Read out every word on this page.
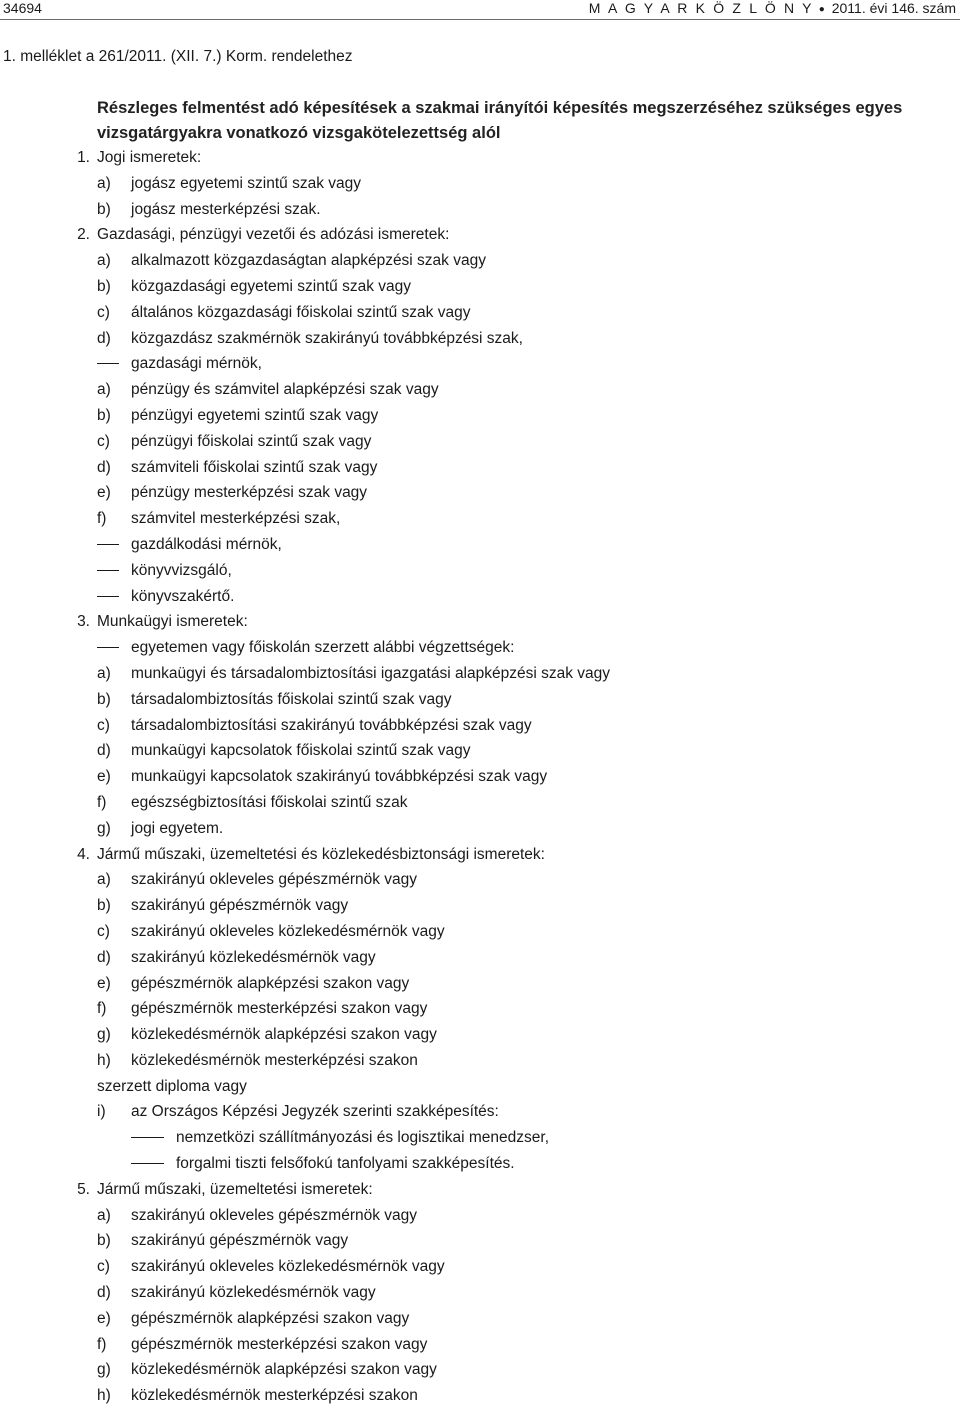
34694	M A G Y A R K Ö Z L Ö N Y ● 2011. évi 146. szám
1. melléklet a 261/2011. (XII. 7.) Korm. rendelethez
Részleges felmentést adó képesítések a szakmai irányítói képesítés megszerzéséhez szükséges egyes vizsgatárgyakra vonatkozó vizsgakötelezettség alól
1. Jogi ismeretek:
a) jogász egyetemi szintű szak vagy
b) jogász mesterképzési szak.
2. Gazdasági, pénzügyi vezetői és adózási ismeretek:
a) alkalmazott közgazdaságtan alapképzési szak vagy
b) közgazdasági egyetemi szintű szak vagy
c) általános közgazdasági főiskolai szintű szak vagy
d) közgazdász szakmérnök szakirányú továbbképzési szak,
gazdasági mérnök,
a) pénzügy és számvitel alapképzési szak vagy
b) pénzügyi egyetemi szintű szak vagy
c) pénzügyi főiskolai szintű szak vagy
d) számviteli főiskolai szintű szak vagy
e) pénzügy mesterképzési szak vagy
f) számvitel mesterképzési szak,
gazdálkodási mérnök,
könyvvizsgáló,
könyvszakértő.
3. Munkaügyi ismeretek:
egyetemen vagy főiskolán szerzett alábbi végzettségek:
a) munkaügyi és társadalombiztosítási igazgatási alapképzési szak vagy
b) társadalombiztosítás főiskolai szintű szak vagy
c) társadalombiztosítási szakirányú továbbképzési szak vagy
d) munkaügyi kapcsolatok főiskolai szintű szak vagy
e) munkaügyi kapcsolatok szakirányú továbbképzési szak vagy
f) egészségbiztosítási főiskolai szintű szak
g) jogi egyetem.
4. Jármű műszaki, üzemeltetési és közlekedésbiztonsági ismeretek:
a) szakirányú okleveles gépészmérnök vagy
b) szakirányú gépészmérnök vagy
c) szakirányú okleveles közlekedésmérnök vagy
d) szakirányú közlekedésmérnök vagy
e) gépészmérnök alapképzési szakon vagy
f) gépészmérnök mesterképzési szakon vagy
g) közlekedésmérnök alapképzési szakon vagy
h) közlekedésmérnök mesterképzési szakon
szerzett diploma vagy
i) az Országos Képzési Jegyzék szerinti szakképesítés:
nemzetközi szállítmányozási és logisztikai menedzser,
forgalmi tiszti felsőfokú tanfolyami szakképesítés.
5. Jármű műszaki, üzemeltetési ismeretek:
a) szakirányú okleveles gépészmérnök vagy
b) szakirányú gépészmérnök vagy
c) szakirányú okleveles közlekedésmérnök vagy
d) szakirányú közlekedésmérnök vagy
e) gépészmérnök alapképzési szakon vagy
f) gépészmérnök mesterképzési szakon vagy
g) közlekedésmérnök alapképzési szakon vagy
h) közlekedésmérnök mesterképzési szakon
